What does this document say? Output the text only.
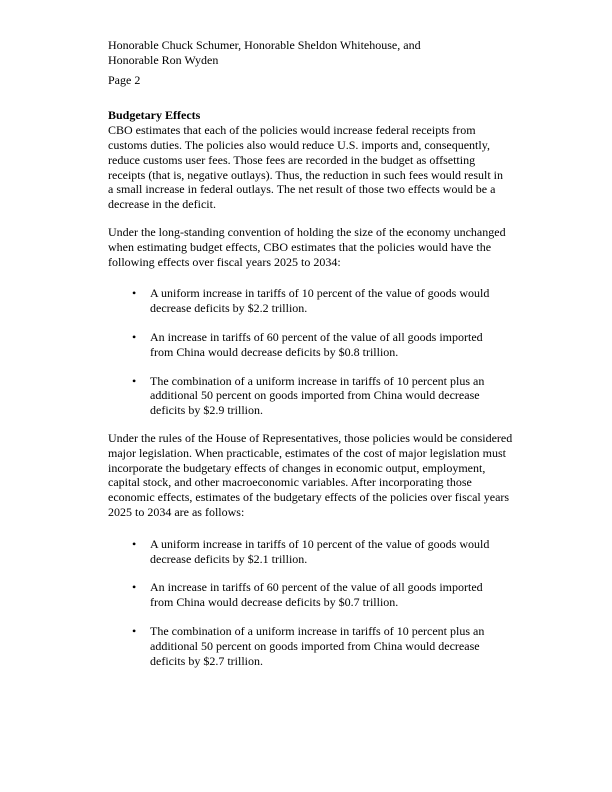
Honorable Chuck Schumer, Honorable Sheldon Whitehouse, and

Honorable Ron Wyden

Page 2

Budgetary Effects

CBO estimates that each of the policies would increase federal receipts from customs duties. The policies also would reduce U.S. imports and, consequently, reduce customs user fees. Those fees are recorded in the budget as offsetting receipts (that is, negative outlays). Thus, the reduction in such fees would result in a small increase in federal outlays. The net result of those two effects would be a decrease in the deficit.

Under the long-standing convention of holding the size of the economy unchanged when estimating budget effects, CBO estimates that the policies would have the following effects over fiscal years 2025 to 2034:

• A uniform increase in tariffs of 10 percent of the value of goods would decrease deficits by $2.2 trillion.
• An increase in tariffs of 60 percent of the value of all goods imported from China would decrease deficits by $0.8 trillion.
• The combination of a uniform increase in tariffs of 10 percent plus an additional 50 percent on goods imported from China would decrease deficits by $2.9 trillion.

Under the rules of the House of Representatives, those policies would be considered major legislation. When practicable, estimates of the cost of major legislation must incorporate the budgetary effects of changes in economic output, employment, capital stock, and other macroeconomic variables. After incorporating those economic effects, estimates of the budgetary effects of the policies over fiscal years 2025 to 2034 are as follows:

• A uniform increase in tariffs of 10 percent of the value of goods would decrease deficits by $2.1 trillion.
• An increase in tariffs of 60 percent of the value of all goods imported from China would decrease deficits by $0.7 trillion.
• The combination of a uniform increase in tariffs of 10 percent plus an additional 50 percent on goods imported from China would decrease deficits by $2.7 trillion.
